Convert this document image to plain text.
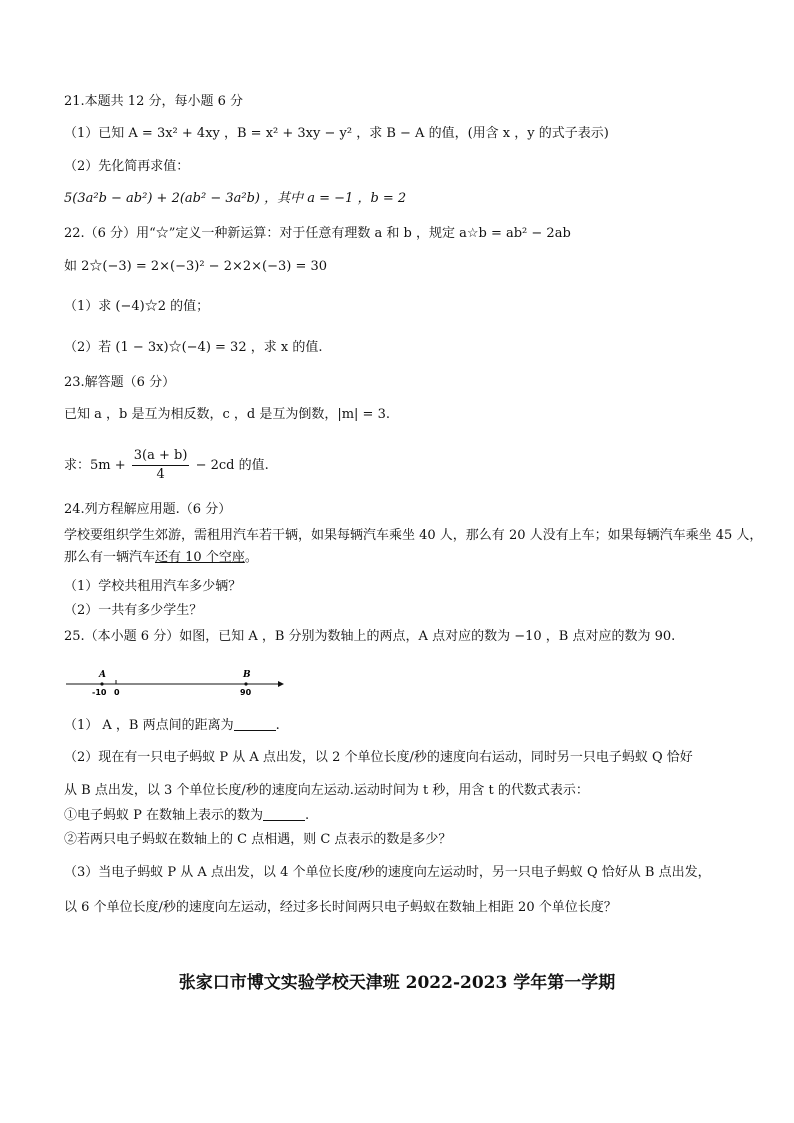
21.本题共 12 分，每小题 6 分
（1）已知 A = 3x² + 4xy ，B = x² + 3xy − y² ，求 B − A 的值，(用含 x ，y 的式子表示)
（2）先化简再求值：
5(3a²b − ab²) + 2(ab² − 3a²b) ，其中 a = −1 ，b = 2
22.（6 分）用“☆”定义一种新运算：对于任意有理数 a 和 b ，规定 a☆b = ab² − 2ab
如 2☆(−3) = 2×(−3)² − 2×2×(−3) = 30
（1）求 (−4)☆2 的值；
（2）若 (1 − 3x)☆(−4) = 32 ，求 x 的值.
23.解答题（6 分）
已知 a ，b 是互为相反数，c ，d 是互为倒数，|m| = 3.
求：$5m + \frac{3(a + b)}{4} - 2cd$ 的值.
24.列方程解应用题.（6 分）
学校要组织学生郊游，需租用汽车若干辆，如果每辆汽车乘坐 40 人，那么有 20 人没有上车；如果每辆汽车乘坐 45 人，那么有一辆汽车还有 10 个空座。
（1）学校共租用汽车多少辆？
（2）一共有多少学生？
25.（本小题 6 分）如图，已知 A ，B 分别为数轴上的两点，A 点对应的数为 −10 ，B 点对应的数为 90.
A	B
-10 0	90
（1） A ，B 两点间的距离为	.
（2）现在有一只电子蚂蚁 P 从 A 点出发，以 2 个单位长度/秒的速度向右运动，同时另一只电子蚂蚁 Q 恰好
从 B 点出发，以 3 个单位长度/秒的速度向左运动.运动时间为 t 秒，用含 t 的代数式表示：
①电子蚂蚁 P 在数轴上表示的数为	.
②若两只电子蚂蚁在数轴上的 C 点相遇，则 C 点表示的数是多少？
（3）当电子蚂蚁 P 从 A 点出发，以 4 个单位长度/秒的速度向左运动时，另一只电子蚂蚁 Q 恰好从 B 点出发，
以 6 个单位长度/秒的速度向左运动，经过多长时间两只电子蚂蚁在数轴上相距 20 个单位长度？
张家口市博文实验学校天津班 2022-2023 学年第一学期
